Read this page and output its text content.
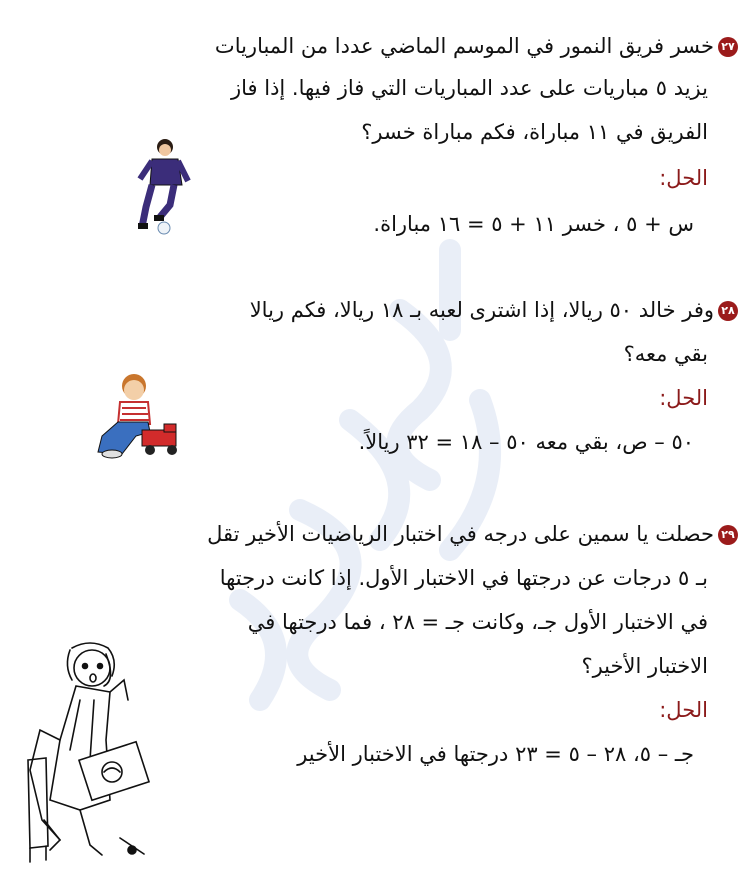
٢٧خسر فريق النمور في الموسم الماضي عددا من المباريات
يزيد ٥ مباريات على عدد المباريات التي فاز فيها. إذا فاز
الفريق في ١١ مباراة، فكم مباراة خسر؟
الحل:
س + ٥ ، خسر ١١ + ٥ = ١٦ مباراة.
٢٨وفر خالد ٥٠ ريالا، إذا اشترى لعبه بـ ١٨ ريالا، فكم ريالا
بقي معه؟
الحل:
٥٠ – ص، بقي معه ٥٠ – ١٨ = ٣٢ ريالاً.
٢٩حصلت يا سمين على درجه في اختبار الرياضيات الأخير تقل
بـ ٥ درجات عن درجتها في الاختبار الأول. إذا كانت درجتها
في الاختبار الأول جـ، وكانت جـ = ٢٨ ، فما درجتها في
الاختبار الأخير؟
الحل:
جـ – ٥، ٢٨ – ٥ = ٢٣ درجتها في الاختبار الأخير
